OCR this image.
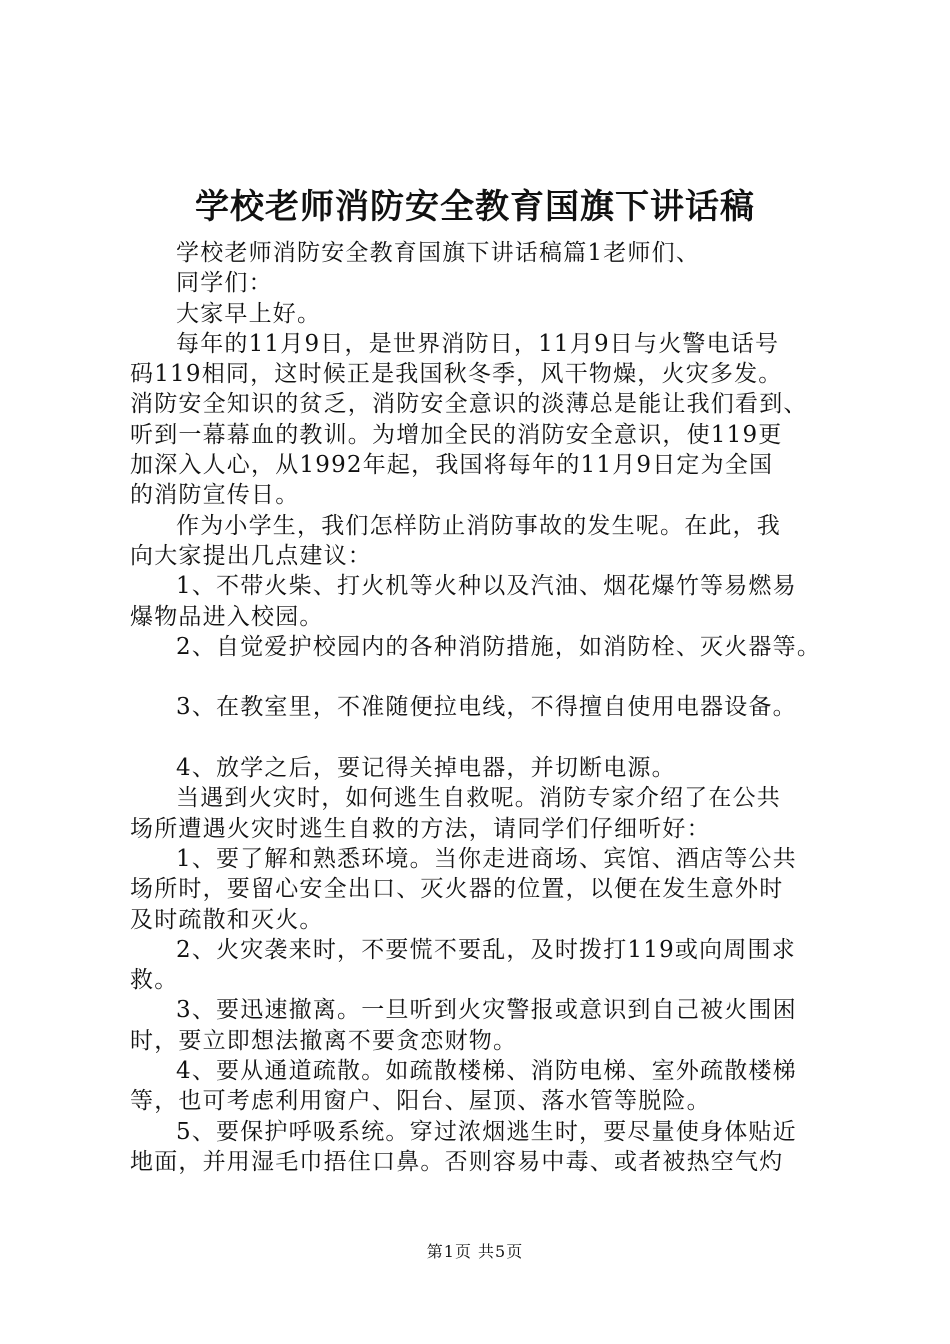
学校老师消防安全教育国旗下讲话稿

学校老师消防安全教育国旗下讲话稿篇1老师们、

同学们：

大家早上好。

每年的11月9日，是世界消防日，11月9日与火警电话号

码119相同，这时候正是我国秋冬季，风干物燥，火灾多发。

消防安全知识的贫乏，消防安全意识的淡薄总是能让我们看到、

听到一幕幕血的教训。为增加全民的消防安全意识，使119更

加深入人心，从1992年起，我国将每年的11月9日定为全国

的消防宣传日。

作为小学生，我们怎样防止消防事故的发生呢。在此，我

向大家提出几点建议：

1、不带火柴、打火机等火种以及汽油、烟花爆竹等易燃易

爆物品进入校园。

2、自觉爱护校园内的各种消防措施，如消防栓、灭火器等。

3、在教室里，不准随便拉电线，不得擅自使用电器设备。

4、放学之后，要记得关掉电器，并切断电源。

当遇到火灾时，如何逃生自救呢。消防专家介绍了在公共

场所遭遇火灾时逃生自救的方法，请同学们仔细听好：

1、要了解和熟悉环境。当你走进商场、宾馆、酒店等公共

场所时，要留心安全出口、灭火器的位置，以便在发生意外时

及时疏散和灭火。

2、火灾袭来时，不要慌不要乱，及时拨打119或向周围求

救。

3、要迅速撤离。一旦听到火灾警报或意识到自己被火围困

时，要立即想法撤离不要贪恋财物。

4、要从通道疏散。如疏散楼梯、消防电梯、室外疏散楼梯

等，也可考虑利用窗户、阳台、屋顶、落水管等脱险。

5、要保护呼吸系统。穿过浓烟逃生时，要尽量使身体贴近

地面，并用湿毛巾捂住口鼻。否则容易中毒、或者被热空气灼

第1页 共5页
